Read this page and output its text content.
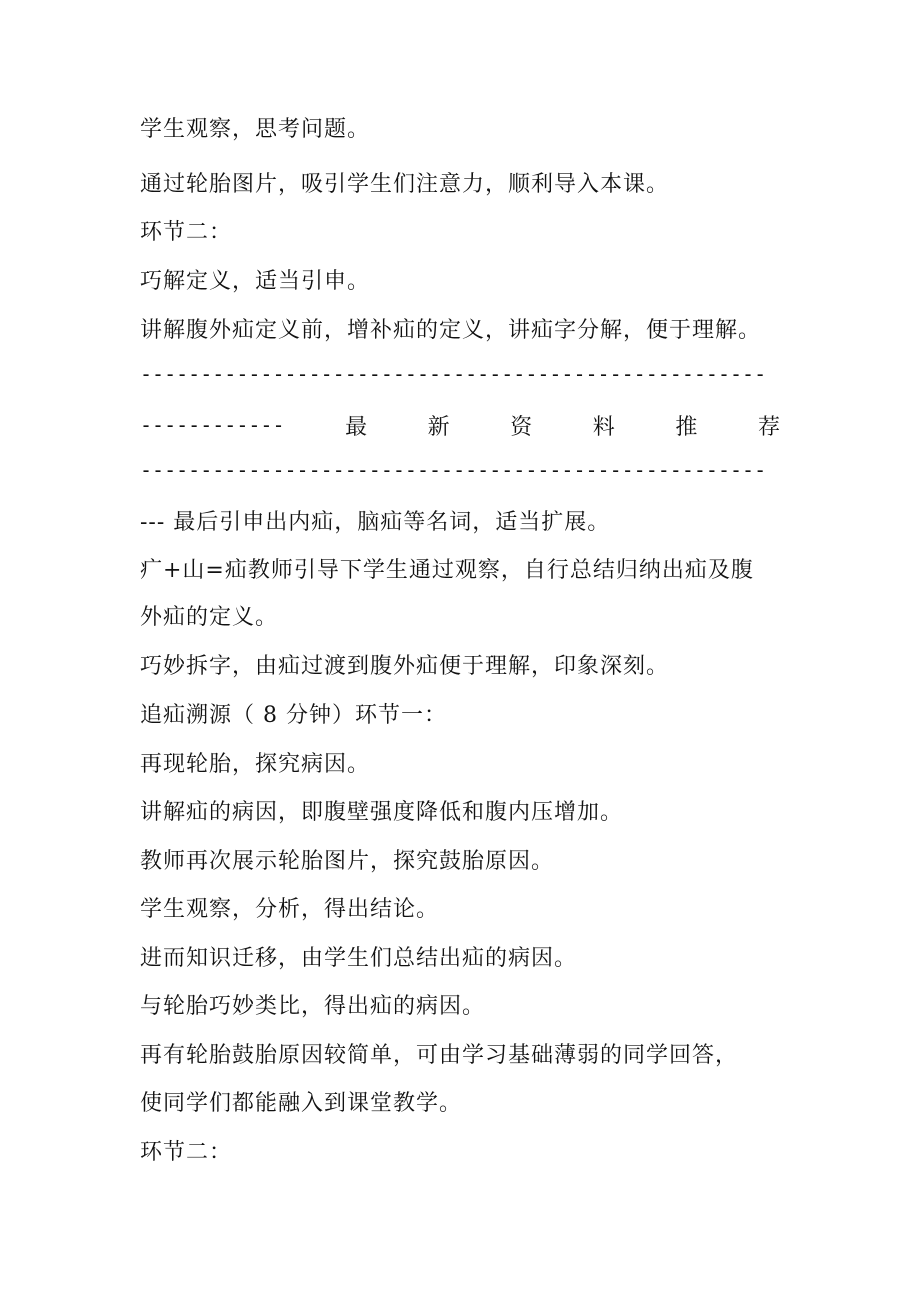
学生观察，思考问题。
通过轮胎图片，吸引学生们注意力，顺利导入本课。
环节二：
巧解定义，适当引申。
讲解腹外疝定义前，增补疝的定义，讲疝字分解，便于理解。
----------------------------------------------------
------------	最	新	资	料	推	荐
----------------------------------------------------
--- 最后引申出内疝，脑疝等名词，适当扩展。
疒+山=疝教师引导下学生通过观察，自行总结归纳出疝及腹
外疝的定义。
巧妙拆字，由疝过渡到腹外疝便于理解，印象深刻。
追疝溯源（ 8 分钟）环节一：
再现轮胎，探究病因。
讲解疝的病因，即腹壁强度降低和腹内压增加。
教师再次展示轮胎图片，探究鼓胎原因。
学生观察，分析，得出结论。
进而知识迁移，由学生们总结出疝的病因。
与轮胎巧妙类比，得出疝的病因。
再有轮胎鼓胎原因较简单，可由学习基础薄弱的同学回答，
使同学们都能融入到课堂教学。
环节二：
